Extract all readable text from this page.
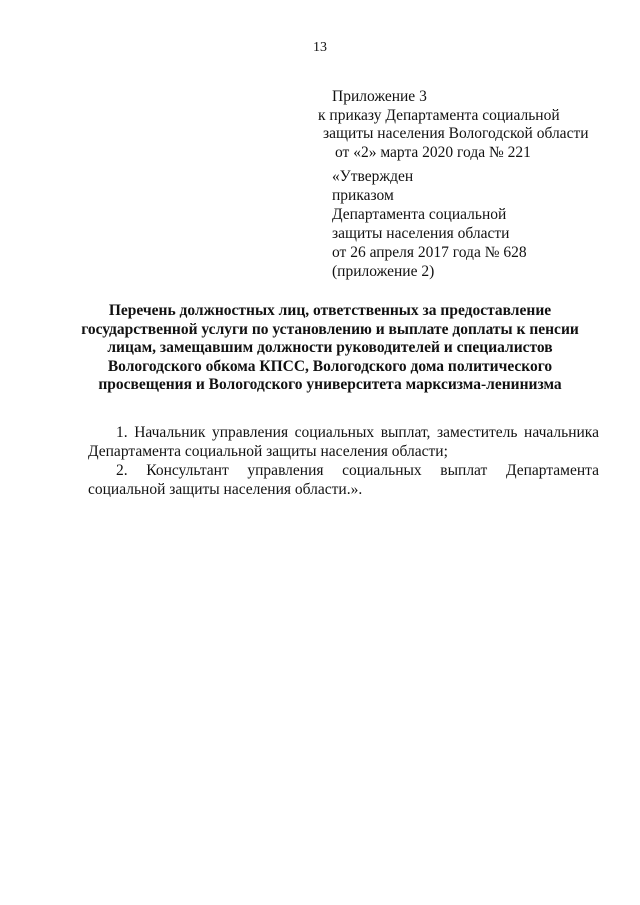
13
Приложение 3
к приказу Департамента социальной
защиты населения Вологодской области
от «2» марта 2020 года № 221
«Утвержден
приказом
Департамента социальной
защиты населения области
от 26 апреля 2017 года № 628
(приложение 2)
Перечень должностных лиц, ответственных за предоставление
государственной услуги по установлению и выплате доплаты к пенсии
лицам, замещавшим должности руководителей и специалистов
Вологодского обкома КПСС, Вологодского дома политического
просвещения и Вологодского университета марксизма-ленинизма
1. Начальник управления социальных выплат, заместитель начальника
Департамента социальной защиты населения области;
2. Консультант управления социальных выплат Департамента
социальной защиты населения области.».
